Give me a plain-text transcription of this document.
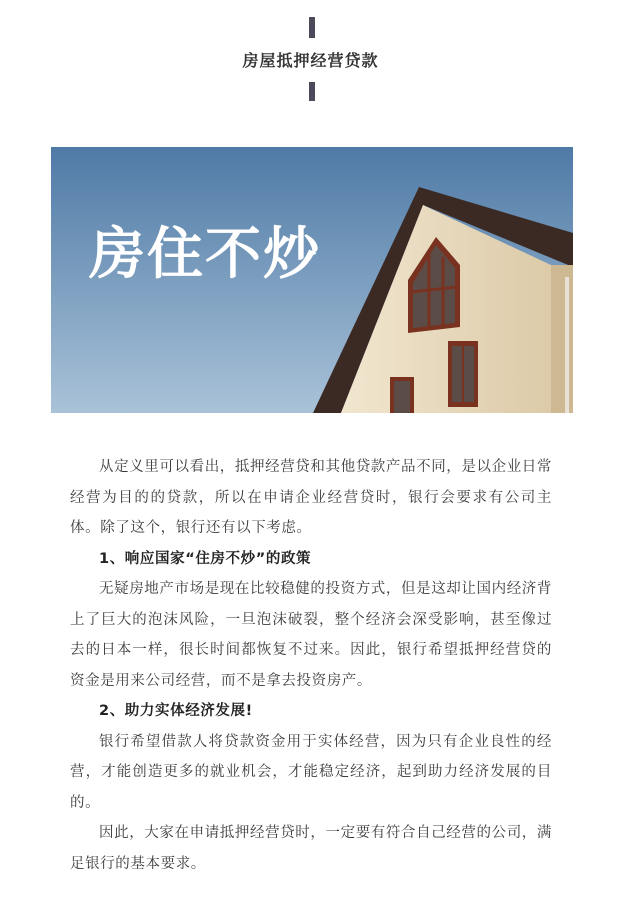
房屋抵押经营贷款
房住不炒

从定义里可以看出，抵押经营贷和其他贷款产品不同，是以企业日常经营为目的的贷款，所以在申请企业经营贷时，银行会要求有公司主体。除了这个，银行还有以下考虑。

1、响应国家“住房不炒”的政策

无疑房地产市场是现在比较稳健的投资方式，但是这却让国内经济背上了巨大的泡沫风险，一旦泡沫破裂，整个经济会深受影响，甚至像过去的日本一样，很长时间都恢复不过来。因此，银行希望抵押经营贷的资金是用来公司经营，而不是拿去投资房产。

2、助力实体经济发展!

银行希望借款人将贷款资金用于实体经营，因为只有企业良性的经营，才能创造更多的就业机会，才能稳定经济，起到助力经济发展的目的。

因此，大家在申请抵押经营贷时，一定要有符合自己经营的公司，满足银行的基本要求。
